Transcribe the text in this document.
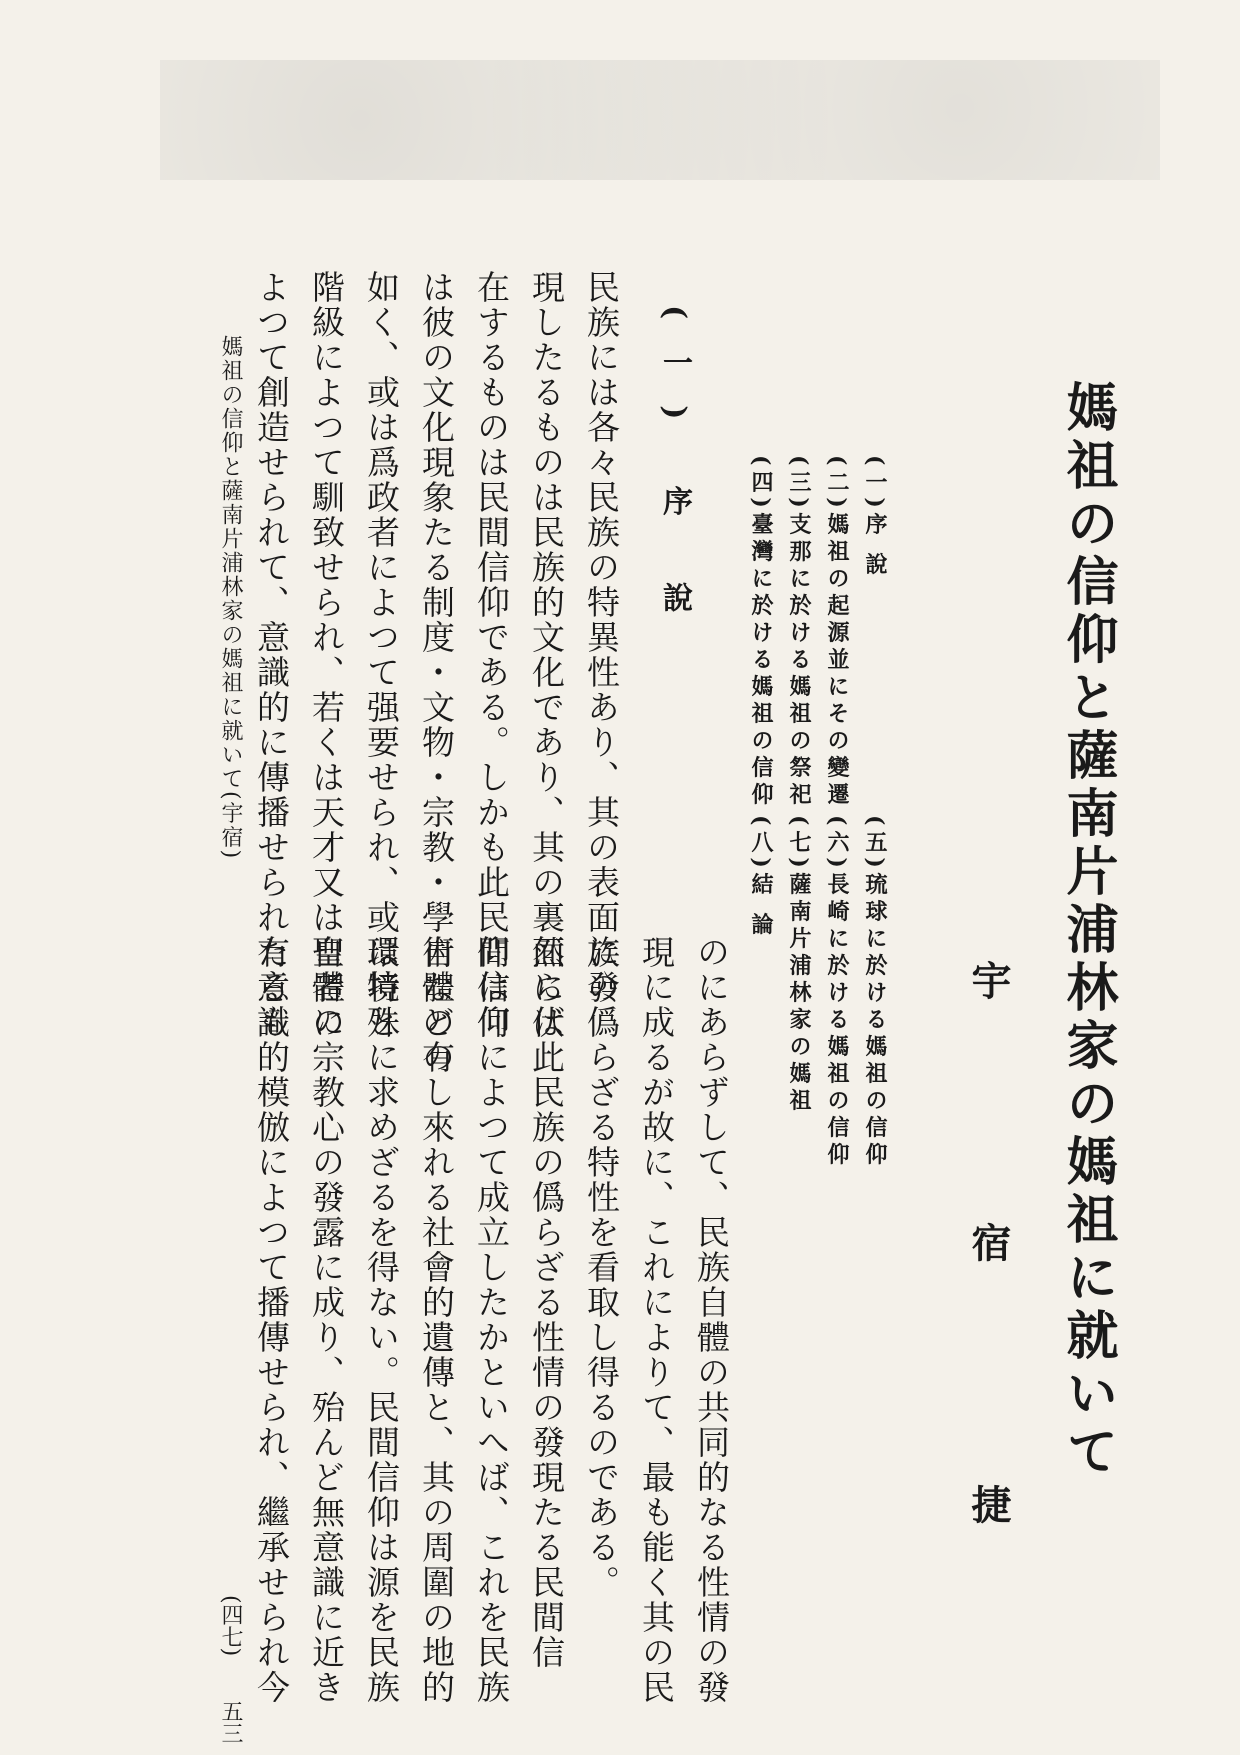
媽祖の信仰と薩南片浦林家の媽祖に就いて
宇 宿 捷
(一)序 說
(二)媽祖の起源並にその變遷
(三)支那に於ける媽祖の祭祀
(四)臺灣に於ける媽祖の信仰
(五)琉球に於ける媽祖の信仰
(六)長崎に於ける媽祖の信仰
(七)薩南片浦林家の媽祖
(八)結 論
(一) 序 說
民族には各々民族の特異性あり、其の表面に發
現したるものは民族的文化であり、其の裏面に伏
在するものは民間信仰である。しかも此民間信仰
は彼の文化現象たる制度・文物・宗教・學術などの
如く、或は爲政者によつて强要せられ、或は特殊
階級によつて馴致せられ、若くは天才又は聖者に
よつて創造せられて、意識的に傳播せられたるも
のにあらずして、民族自體の共同的なる性情の發
現に成るが故に、これによりて、最も能く其の民
族の僞らざる特性を看取し得るのである。
然らば此民族の僞らざる性情の發現たる民間信
仰は何によつて成立したかといへば、これを民族
自體の有し來れる社會的遺傳と、其の周圍の地的
環境とに求めざるを得ない。民間信仰は源を民族
自體の宗教心の發露に成り、殆んど無意識に近き
有意識的模倣によつて播傳せられ、繼承せられ今
媽祖の信仰と薩南片浦林家の媽祖に就いて(宇宿)
(四七)
五三
